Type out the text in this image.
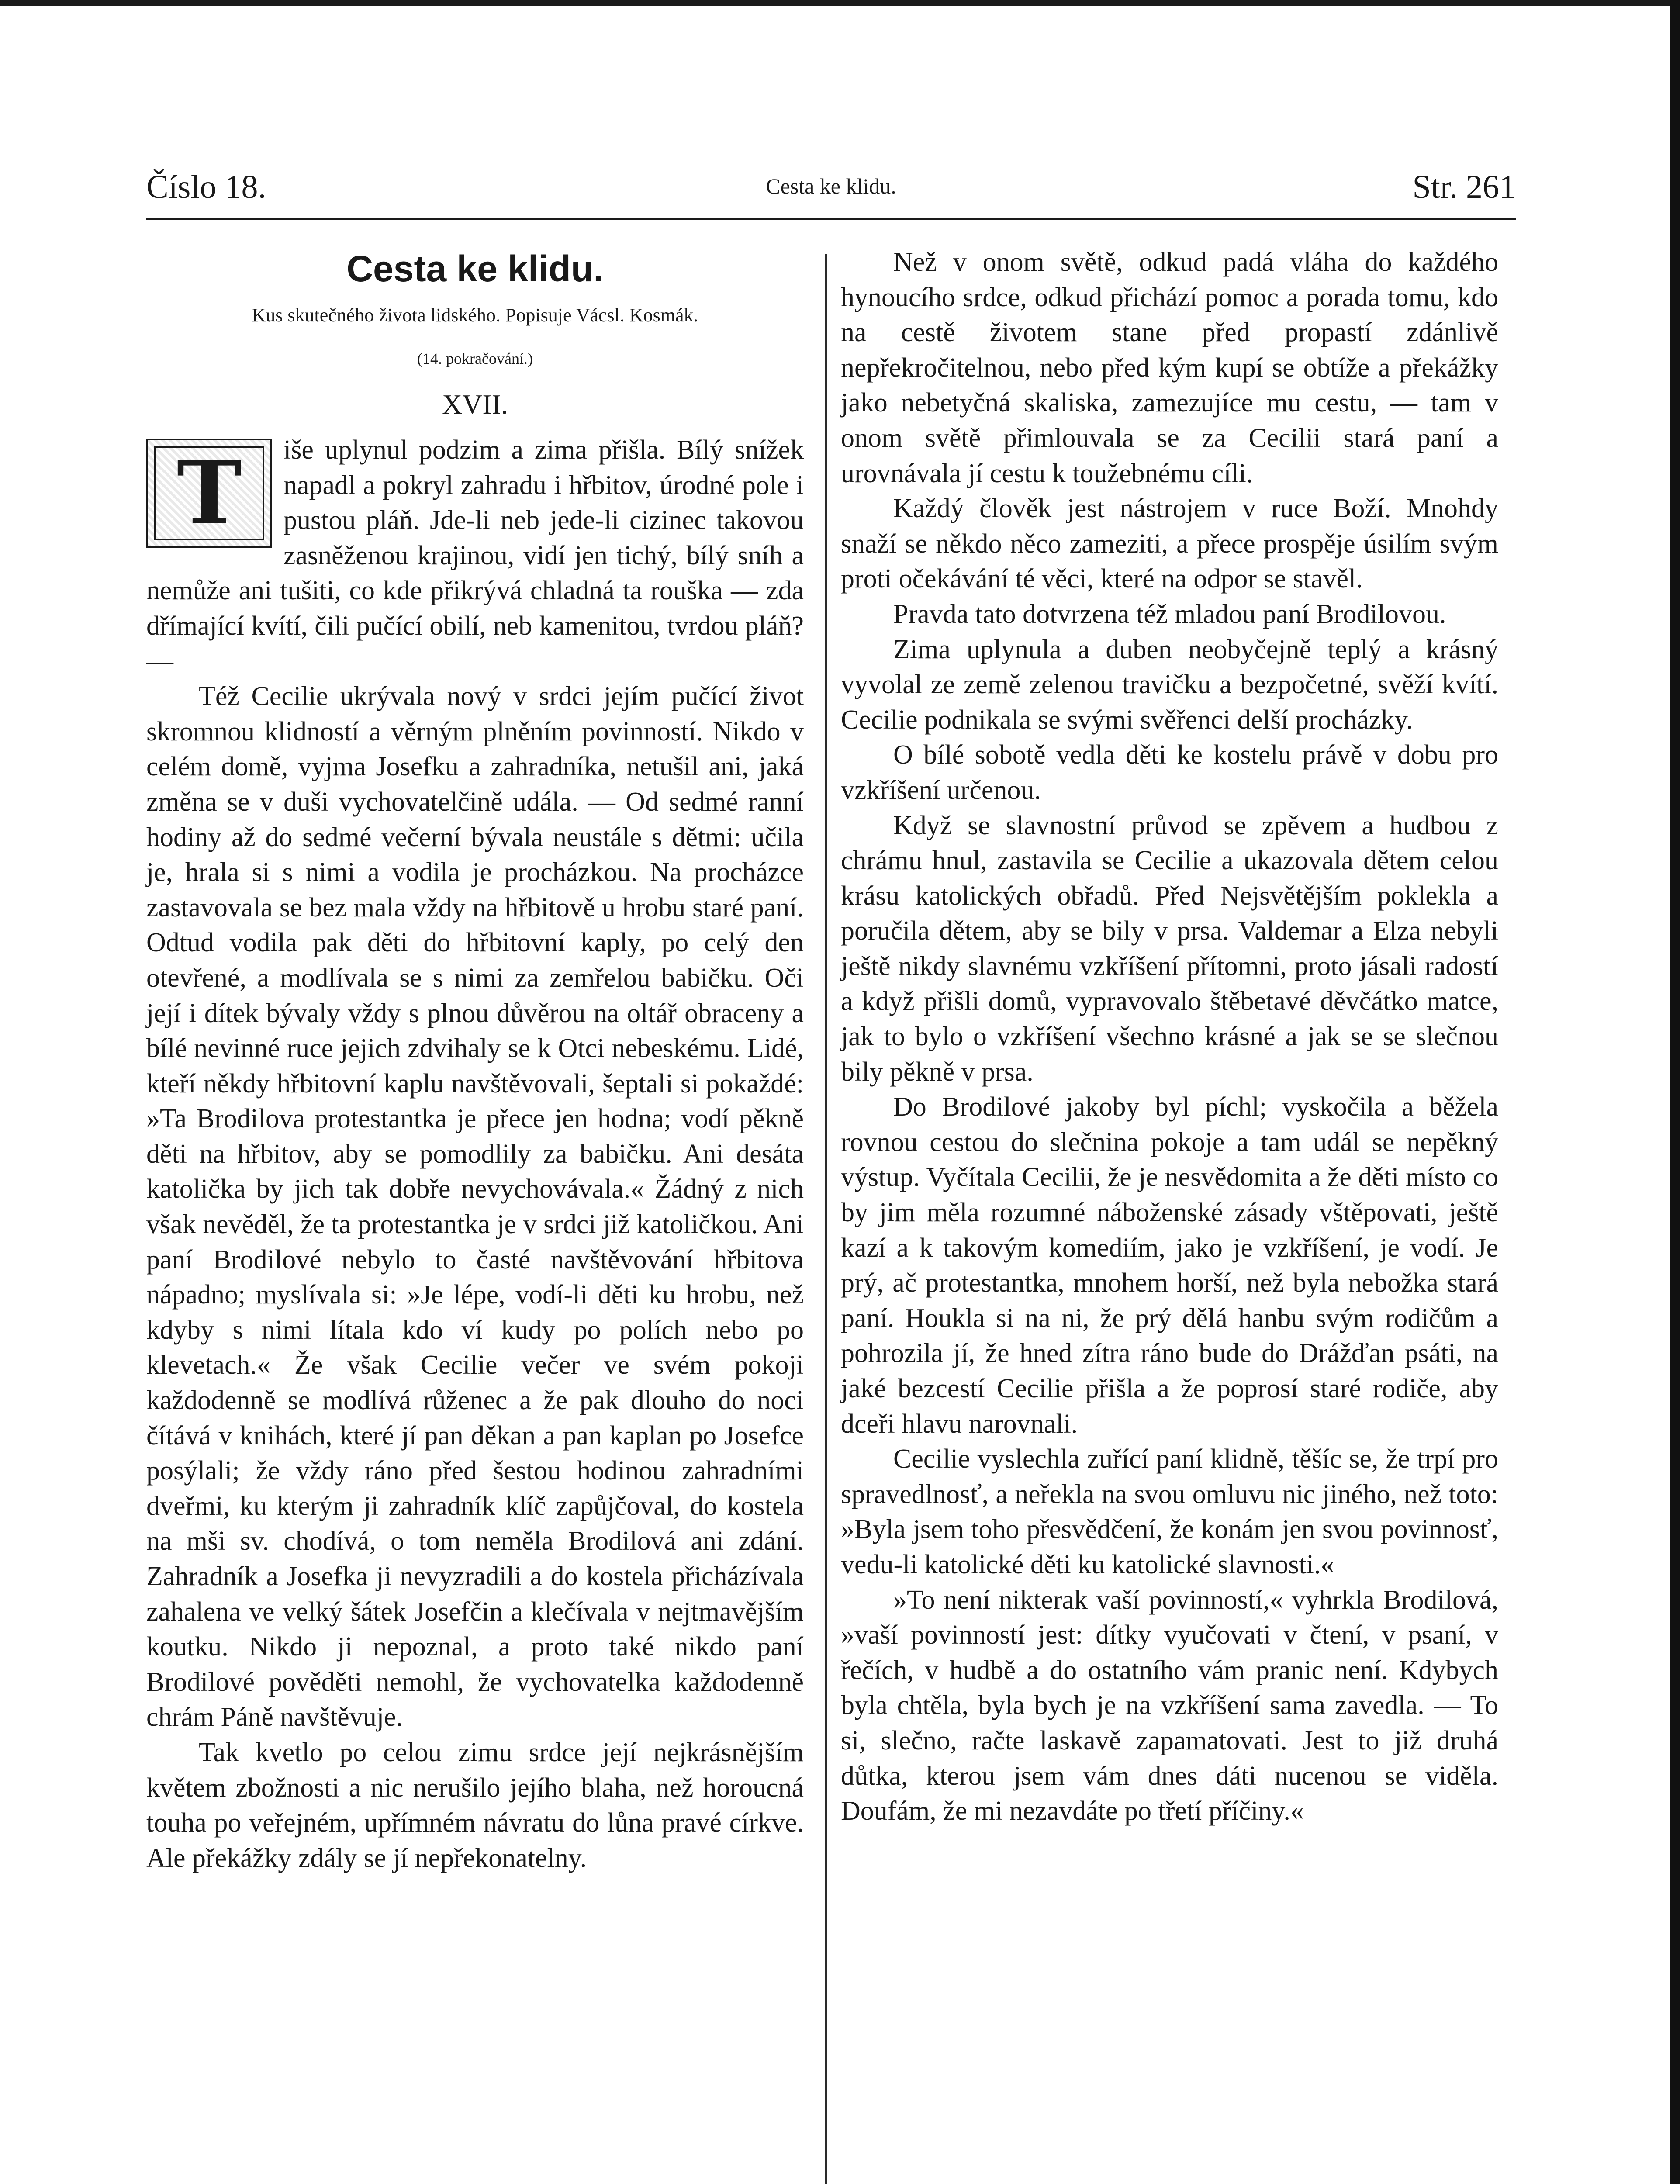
Číslo 18.	Cesta ke klidu.	Str. 261
Cesta ke klidu.
Kus skutečného života lidského. Popisuje Vácsl. Kosmák.
(14. pokračování.)
XVII.
T	iše uplynul podzim a zima přišla. Bílý snížek napadl a pokryl zahradu i hřbitov, úrodné pole i pustou pláň. Jde-li neb jede-li cizinec takovou zasněženou krajinou, vidí jen tichý, bílý sníh a nemůže ani tušiti, co kde přikrývá chladná ta rouška — zda dřímající kvítí, čili pučící obilí, neb kamenitou, tvrdou pláň? —

Též Cecilie ukrývala nový v srdci jejím pučící život skromnou klidností a věrným plněním povinností. Nikdo v celém domě, vyjma Josefku a zahradníka, netušil ani, jaká změna se v duši vychovatelčině udála. — Od sedmé ranní hodiny až do sedmé večerní bývala neustále s dětmi: učila je, hrala si s nimi a vodila je procházkou. Na procházce zastavovala se bez mala vždy na hřbitově u hrobu staré paní. Odtud vodila pak děti do hřbitovní kaply, po celý den otevřené, a modlívala se s nimi za zemřelou babičku. Oči její i dítek bývaly vždy s plnou důvěrou na oltář obraceny a bílé nevinné ruce jejich zdvihaly se k Otci nebeskému. Lidé, kteří někdy hřbitovní kaplu navštěvovali, šeptali si pokaždé: »Ta Brodilova protestantka je přece jen hodna; vodí pěkně děti na hřbitov, aby se pomodlily za babičku. Ani desáta katolička by jich tak dobře nevychovávala.« Žádný z nich však nevěděl, že ta protestantka je v srdci již katoličkou. Ani paní Brodilové nebylo to časté navštěvování hřbitova nápadno; myslívala si: »Je lépe, vodí-li děti ku hrobu, než kdyby s nimi lítala kdo ví kudy po polích nebo po klevetach.« Že však Cecilie večer ve svém pokoji každodenně se modlívá růženec a že pak dlouho do noci čítává v knihách, které jí pan děkan a pan kaplan po Josefce posýlali; že vždy ráno před šestou hodinou zahradními dveřmi, ku kterým ji zahradník klíč zapůjčoval, do kostela na mši sv. chodívá, o tom neměla Brodilová ani zdání. Zahradník a Josefka ji nevyzradili a do kostela přicházívala zahalena ve velký šátek Josefčin a klečívala v nejtmavějším koutku. Nikdo ji nepoznal, a proto také nikdo paní Brodilové pověděti nemohl, že vychovatelka každodenně chrám Páně navštěvuje.

Tak kvetlo po celou zimu srdce její nejkrásnějším květem zbožnosti a nic nerušilo jejího blaha, než horoucná touha po veřejném, upřímném návratu do lůna pravé církve. Ale překážky zdály se jí nepřekonatelny.

Než v onom světě, odkud padá vláha do každého hynoucího srdce, odkud přichází pomoc a porada tomu, kdo na cestě životem stane před propastí zdánlivě nepřekročitelnou, nebo před kým kupí se obtíže a překážky jako nebetyčná skaliska, zamezujíce mu cestu, — tam v onom světě přimlouvala se za Cecilii stará paní a urovnávala jí cestu k toužebnému cíli.

Každý člověk jest nástrojem v ruce Boží. Mnohdy snaží se někdo něco zameziti, a přece prospěje úsilím svým proti očekávání té věci, které na odpor se stavěl.

Pravda tato dotvrzena též mladou paní Brodilovou.

Zima uplynula a duben neobyčejně teplý a krásný vyvolal ze země zelenou travičku a bezpočetné, svěží kvítí. Cecilie podnikala se svými svěřenci delší procházky.

O bílé sobotě vedla děti ke kostelu právě v dobu pro vzkříšení určenou.

Když se slavnostní průvod se zpěvem a hudbou z chrámu hnul, zastavila se Cecilie a ukazovala dětem celou krásu katolických obřadů. Před Nejsvětějším poklekla a poručila dětem, aby se bily v prsa. Valdemar a Elza nebyli ještě nikdy slavnému vzkříšení přítomni, proto jásali radostí a když přišli domů, vypravovalo štěbetavé děvčátko matce, jak to bylo o vzkříšení všechno krásné a jak se se slečnou bily pěkně v prsa.

Do Brodilové jakoby byl píchl; vyskočila a běžela rovnou cestou do slečnina pokoje a tam udál se nepěkný výstup. Vyčítala Cecilii, že je nesvědomita a že děti místo co by jim měla rozumné náboženské zásady vštěpovati, ještě kazí a k takovým komediím, jako je vzkříšení, je vodí. Je prý, ač protestantka, mnohem horší, než byla nebožka stará paní. Houkla si na ni, že prý dělá hanbu svým rodičům a pohrozila jí, že hned zítra ráno bude do Drážďan psáti, na jaké bezcestí Cecilie přišla a že poprosí staré rodiče, aby dceři hlavu narovnali.

Cecilie vyslechla zuřící paní klidně, těšíc se, že trpí pro spravedlnosť, a neřekla na svou omluvu nic jiného, než toto: »Byla jsem toho přesvědčení, že konám jen svou povinnosť, vedu-li katolické děti ku katolické slavnosti.«

»To není nikterak vaší povinností,« vyhrkla Brodilová, »vaší povinností jest: dítky vyučovati v čtení, v psaní, v řečích, v hudbě a do ostatního vám pranic není. Kdybych byla chtěla, byla bych je na vzkříšení sama zavedla. — To si, slečno, račte laskavě zapamatovati. Jest to již druhá důtka, kterou jsem vám dnes dáti nucenou se viděla. Doufám, že mi nezavdáte po třetí příčiny.«
